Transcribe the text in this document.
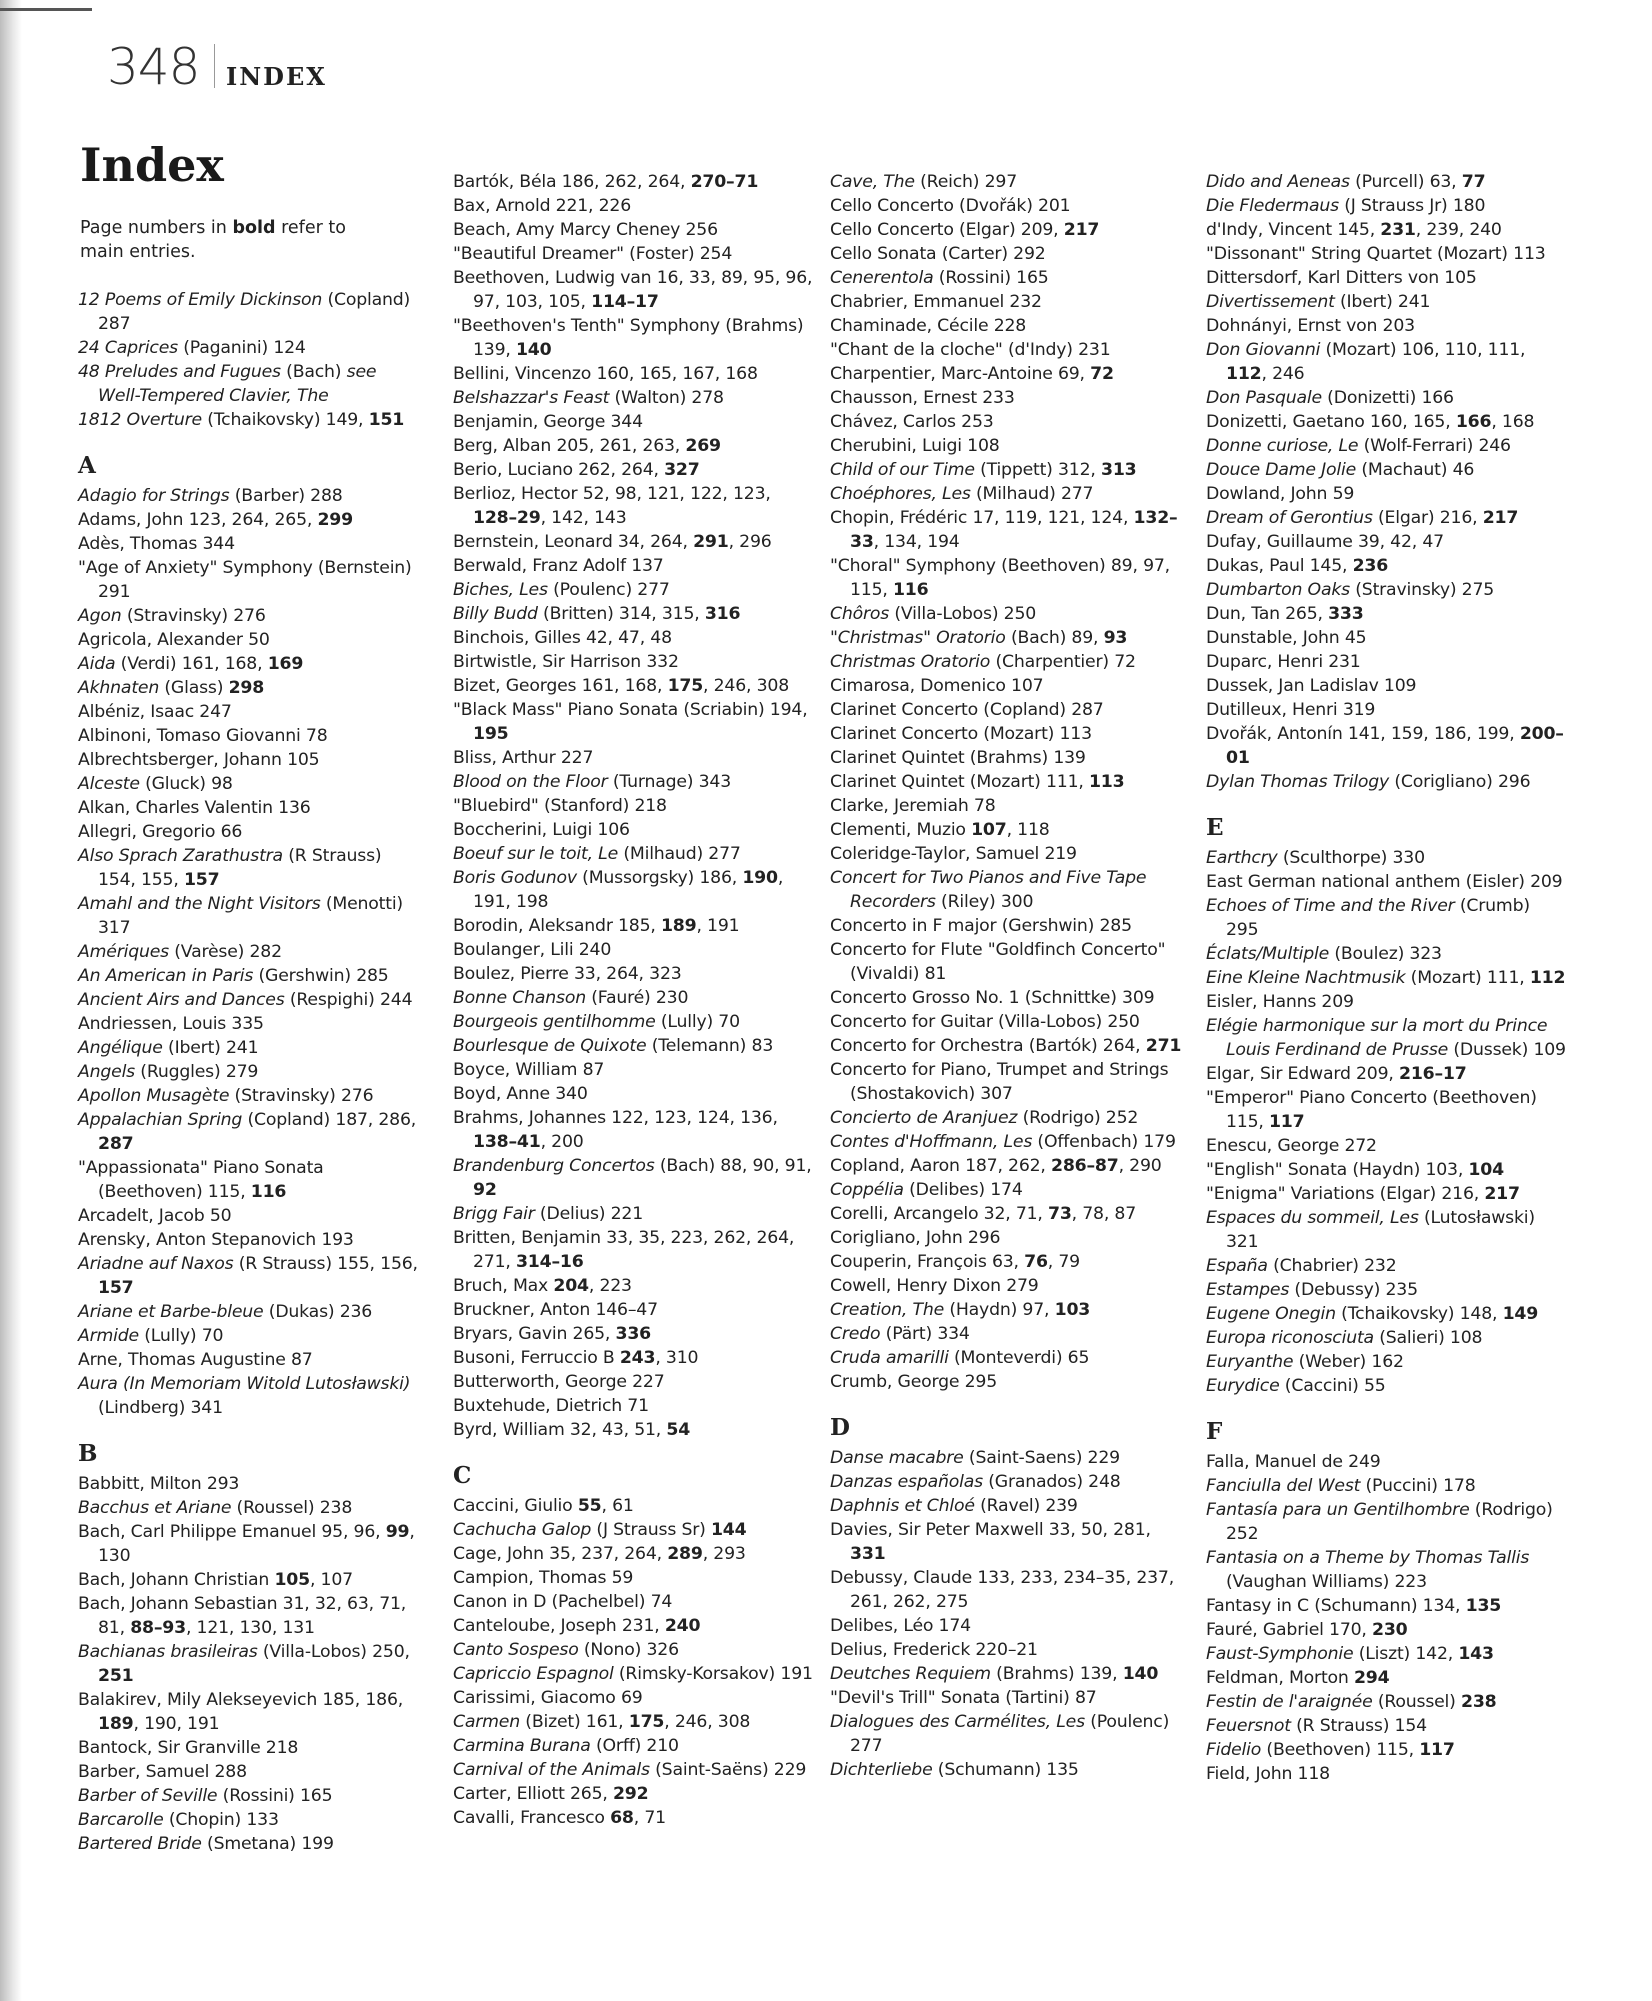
348 INDEX
Index
Page numbers in bold refer to main entries.
12 Poems of Emily Dickinson (Copland) 287
24 Caprices (Paganini) 124
48 Preludes and Fugues (Bach) see Well-Tempered Clavier, The
1812 Overture (Tchaikovsky) 149, 151
A
Adagio for Strings (Barber) 288
Adams, John 123, 264, 265, 299
Adès, Thomas 344
"Age of Anxiety" Symphony (Bernstein) 291
Agon (Stravinsky) 276
Agricola, Alexander 50
Aida (Verdi) 161, 168, 169
Akhnaten (Glass) 298
Albéniz, Isaac 247
Albinoni, Tomaso Giovanni 78
Albrechtsberger, Johann 105
Alceste (Gluck) 98
Alkan, Charles Valentin 136
Allegri, Gregorio 66
Also Sprach Zarathustra (R Strauss) 154, 155, 157
Amahl and the Night Visitors (Menotti) 317
Amériques (Varèse) 282
An American in Paris (Gershwin) 285
Ancient Airs and Dances (Respighi) 244
Andriessen, Louis 335
Angélique (Ibert) 241
Angels (Ruggles) 279
Apollon Musagète (Stravinsky) 276
Appalachian Spring (Copland) 187, 286, 287
"Appassionata" Piano Sonata (Beethoven) 115, 116
Arcadelt, Jacob 50
Arensky, Anton Stepanovich 193
Ariadne auf Naxos (R Strauss) 155, 156, 157
Ariane et Barbe-bleue (Dukas) 236
Armide (Lully) 70
Arne, Thomas Augustine 87
Aura (In Memoriam Witold Lutosławski) (Lindberg) 341
B
Babbitt, Milton 293
Bacchus et Ariane (Roussel) 238
Bach, Carl Philippe Emanuel 95, 96, 99, 130
Bach, Johann Christian 105, 107
Bach, Johann Sebastian 31, 32, 63, 71, 81, 88–93, 121, 130, 131
Bachianas brasileiras (Villa-Lobos) 250, 251
Balakirev, Mily Alekseyevich 185, 186, 189, 190, 191
Bantock, Sir Granville 218
Barber, Samuel 288
Barber of Seville (Rossini) 165
Barcarolle (Chopin) 133
Bartered Bride (Smetana) 199
Bartók, Béla 186, 262, 264, 270–71
Bax, Arnold 221, 226
Beach, Amy Marcy Cheney 256
"Beautiful Dreamer" (Foster) 254
Beethoven, Ludwig van 16, 33, 89, 95, 96, 97, 103, 105, 114–17
"Beethoven's Tenth" Symphony (Brahms) 139, 140
Bellini, Vincenzo 160, 165, 167, 168
Belshazzar's Feast (Walton) 278
Benjamin, George 344
Berg, Alban 205, 261, 263, 269
Berio, Luciano 262, 264, 327
Berlioz, Hector 52, 98, 121, 122, 123, 128–29, 142, 143
Bernstein, Leonard 34, 264, 291, 296
Berwald, Franz Adolf 137
Biches, Les (Poulenc) 277
Billy Budd (Britten) 314, 315, 316
Binchois, Gilles 42, 47, 48
Birtwistle, Sir Harrison 332
Bizet, Georges 161, 168, 175, 246, 308
"Black Mass" Piano Sonata (Scriabin) 194, 195
Bliss, Arthur 227
Blood on the Floor (Turnage) 343
"Bluebird" (Stanford) 218
Boccherini, Luigi 106
Boeuf sur le toit, Le (Milhaud) 277
Boris Godunov (Mussorgsky) 186, 190, 191, 198
Borodin, Aleksandr 185, 189, 191
Boulanger, Lili 240
Boulez, Pierre 33, 264, 323
Bonne Chanson (Fauré) 230
Bourgeois gentilhomme (Lully) 70
Bourlesque de Quixote (Telemann) 83
Boyce, William 87
Boyd, Anne 340
Brahms, Johannes 122, 123, 124, 136, 138–41, 200
Brandenburg Concertos (Bach) 88, 90, 91, 92
Brigg Fair (Delius) 221
Britten, Benjamin 33, 35, 223, 262, 264, 271, 314–16
Bruch, Max 204, 223
Bruckner, Anton 146–47
Bryars, Gavin 265, 336
Busoni, Ferruccio B 243, 310
Butterworth, George 227
Buxtehude, Dietrich 71
Byrd, William 32, 43, 51, 54
C
Caccini, Giulio 55, 61
Cachucha Galop (J Strauss Sr) 144
Cage, John 35, 237, 264, 289, 293
Campion, Thomas 59
Canon in D (Pachelbel) 74
Canteloube, Joseph 231, 240
Canto Sospeso (Nono) 326
Capriccio Espagnol (Rimsky-Korsakov) 191
Carissimi, Giacomo 69
Carmen (Bizet) 161, 175, 246, 308
Carmina Burana (Orff) 210
Carnival of the Animals (Saint-Saëns) 229
Carter, Elliott 265, 292
Cavalli, Francesco 68, 71
Cave, The (Reich) 297
Cello Concerto (Dvořák) 201
Cello Concerto (Elgar) 209, 217
Cello Sonata (Carter) 292
Cenerentola (Rossini) 165
Chabrier, Emmanuel 232
Chaminade, Cécile 228
"Chant de la cloche" (d'Indy) 231
Charpentier, Marc-Antoine 69, 72
Chausson, Ernest 233
Chávez, Carlos 253
Cherubini, Luigi 108
Child of our Time (Tippett) 312, 313
Choéphores, Les (Milhaud) 277
Chopin, Frédéric 17, 119, 121, 124, 132–33, 134, 194
"Choral" Symphony (Beethoven) 89, 97, 115, 116
Chôros (Villa-Lobos) 250
"Christmas" Oratorio (Bach) 89, 93
Christmas Oratorio (Charpentier) 72
Cimarosa, Domenico 107
Clarinet Concerto (Copland) 287
Clarinet Concerto (Mozart) 113
Clarinet Quintet (Brahms) 139
Clarinet Quintet (Mozart) 111, 113
Clarke, Jeremiah 78
Clementi, Muzio 107, 118
Coleridge-Taylor, Samuel 219
Concert for Two Pianos and Five Tape Recorders (Riley) 300
Concerto in F major (Gershwin) 285
Concerto for Flute "Goldfinch Concerto" (Vivaldi) 81
Concerto Grosso No. 1 (Schnittke) 309
Concerto for Guitar (Villa-Lobos) 250
Concerto for Orchestra (Bartók) 264, 271
Concerto for Piano, Trumpet and Strings (Shostakovich) 307
Concierto de Aranjuez (Rodrigo) 252
Contes d'Hoffmann, Les (Offenbach) 179
Copland, Aaron 187, 262, 286–87, 290
Coppélia (Delibes) 174
Corelli, Arcangelo 32, 71, 73, 78, 87
Corigliano, John 296
Couperin, François 63, 76, 79
Cowell, Henry Dixon 279
Creation, The (Haydn) 97, 103
Credo (Pärt) 334
Cruda amarilli (Monteverdi) 65
Crumb, George 295
D
Danse macabre (Saint-Saens) 229
Danzas españolas (Granados) 248
Daphnis et Chloé (Ravel) 239
Davies, Sir Peter Maxwell 33, 50, 281, 331
Debussy, Claude 133, 233, 234–35, 237, 261, 262, 275
Delibes, Léo 174
Delius, Frederick 220–21
Deutches Requiem (Brahms) 139, 140
"Devil's Trill" Sonata (Tartini) 87
Dialogues des Carmélites, Les (Poulenc) 277
Dichterliebe (Schumann) 135
Dido and Aeneas (Purcell) 63, 77
Die Fledermaus (J Strauss Jr) 180
d'Indy, Vincent 145, 231, 239, 240
"Dissonant" String Quartet (Mozart) 113
Dittersdorf, Karl Ditters von 105
Divertissement (Ibert) 241
Dohnányi, Ernst von 203
Don Giovanni (Mozart) 106, 110, 111, 112, 246
Don Pasquale (Donizetti) 166
Donizetti, Gaetano 160, 165, 166, 168
Donne curiose, Le (Wolf-Ferrari) 246
Douce Dame Jolie (Machaut) 46
Dowland, John 59
Dream of Gerontius (Elgar) 216, 217
Dufay, Guillaume 39, 42, 47
Dukas, Paul 145, 236
Dumbarton Oaks (Stravinsky) 275
Dun, Tan 265, 333
Dunstable, John 45
Duparc, Henri 231
Dussek, Jan Ladislav 109
Dutilleux, Henri 319
Dvořák, Antonín 141, 159, 186, 199, 200–01
Dylan Thomas Trilogy (Corigliano) 296
E
Earthcry (Sculthorpe) 330
East German national anthem (Eisler) 209
Echoes of Time and the River (Crumb) 295
Éclats/Multiple (Boulez) 323
Eine Kleine Nachtmusik (Mozart) 111, 112
Eisler, Hanns 209
Elégie harmonique sur la mort du Prince Louis Ferdinand de Prusse (Dussek) 109
Elgar, Sir Edward 209, 216–17
"Emperor" Piano Concerto (Beethoven) 115, 117
Enescu, George 272
"English" Sonata (Haydn) 103, 104
"Enigma" Variations (Elgar) 216, 217
Espaces du sommeil, Les (Lutosławski) 321
España (Chabrier) 232
Estampes (Debussy) 235
Eugene Onegin (Tchaikovsky) 148, 149
Europa riconosciuta (Salieri) 108
Euryanthe (Weber) 162
Eurydice (Caccini) 55
F
Falla, Manuel de 249
Fanciulla del West (Puccini) 178
Fantasía para un Gentilhombre (Rodrigo) 252
Fantasia on a Theme by Thomas Tallis (Vaughan Williams) 223
Fantasy in C (Schumann) 134, 135
Fauré, Gabriel 170, 230
Faust-Symphonie (Liszt) 142, 143
Feldman, Morton 294
Festin de l'araignée (Roussel) 238
Feuersnot (R Strauss) 154
Fidelio (Beethoven) 115, 117
Field, John 118
